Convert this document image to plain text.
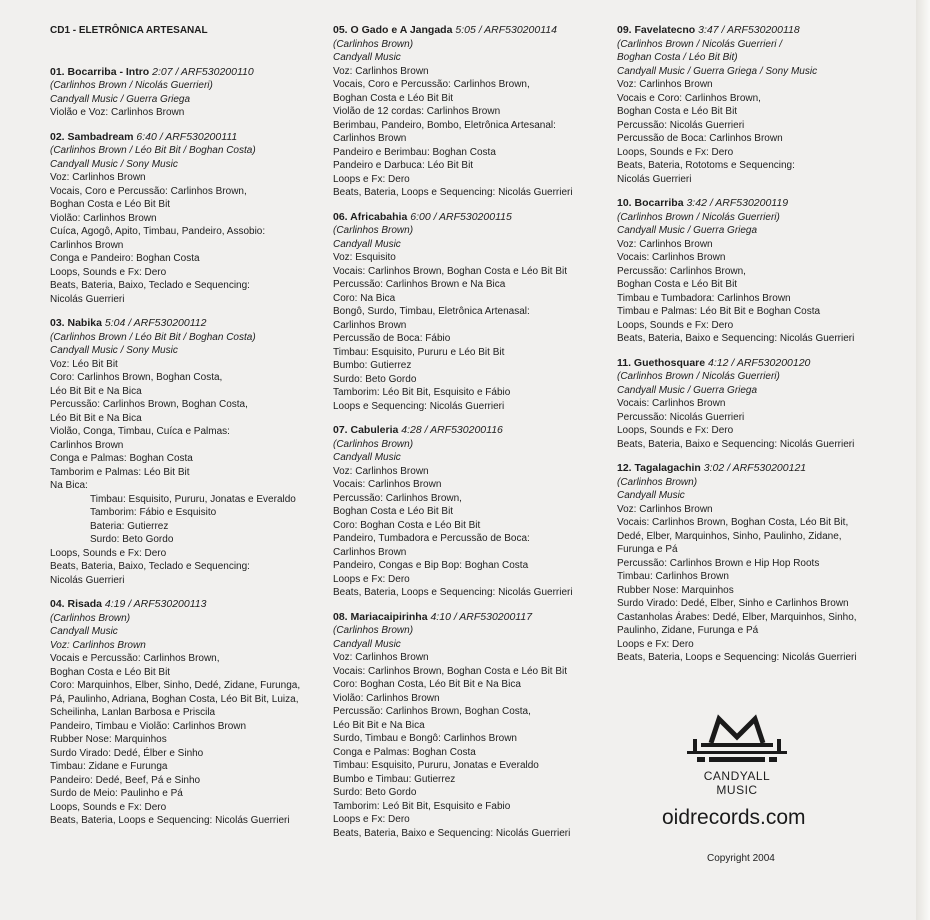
CD1 - ELETRÔNICA ARTESANAL
01. Bocarriba - Intro 2:07 / ARF530200110
(Carlinhos Brown / Nicolás Guerrieri)
Candyall Music / Guerra Griega
Violão e Voz: Carlinhos Brown
02. Sambadream 6:40 / ARF530200111
(Carlinhos Brown / Léo Bit Bit / Boghan Costa)
Candyall Music / Sony Music
Voz: Carlinhos Brown
Vocais, Coro e Percussão: Carlinhos Brown,
Boghan Costa e Léo Bit Bit
Violão: Carlinhos Brown
Cuíca, Agogô, Apito, Timbau, Pandeiro, Assobio:
Carlinhos Brown
Conga e Pandeiro: Boghan Costa
Loops, Sounds e Fx: Dero
Beats, Bateria, Baixo, Teclado e Sequencing:
Nicolás Guerrieri
03. Nabika 5:04 / ARF530200112
(Carlinhos Brown / Léo Bit Bit / Boghan Costa)
Candyall Music / Sony Music
Voz: Léo Bit Bit
Coro: Carlinhos Brown, Boghan Costa,
Léo Bit Bit e Na Bica
Percussão: Carlinhos Brown, Boghan Costa,
Léo Bit Bit e Na Bica
Violão, Conga, Timbau, Cuíca e Palmas:
Carlinhos Brown
Conga e Palmas: Boghan Costa
Tamborim e Palmas: Léo Bit Bit
Na Bica:
Timbau: Esquisito, Pururu, Jonatas e Everaldo
Tamborim: Fábio e Esquisito
Bateria: Gutierrez
Surdo: Beto Gordo
Loops, Sounds e Fx: Dero
Beats, Bateria, Baixo, Teclado e Sequencing:
Nicolás Guerrieri
04. Risada 4:19 / ARF530200113
(Carlinhos Brown)
Candyall Music
Voz: Carlinhos Brown
Vocais e Percussão: Carlinhos Brown,
Boghan Costa e Léo Bit Bit
Coro: Marquinhos, Elber, Sinho, Dedé, Zidane, Furunga,
Pá, Paulinho, Adriana, Boghan Costa, Léo Bit Bit, Luiza,
Scheilinha, Lanlan Barbosa e Priscila
Pandeiro, Timbau e Violão: Carlinhos Brown
Rubber Nose: Marquinhos
Surdo Virado: Dedé, Élber e Sinho
Timbau: Zidane e Furunga
Pandeiro: Dedé, Beef, Pá e Sinho
Surdo de Meio: Paulinho e Pá
Loops, Sounds e Fx: Dero
Beats, Bateria, Loops e Sequencing: Nicolás Guerrieri
05. O Gado e A Jangada 5:05 / ARF530200114
(Carlinhos Brown)
Candyall Music
Voz: Carlinhos Brown
Vocais, Coro e Percussão: Carlinhos Brown,
Boghan Costa e Léo Bit Bit
Violão de 12 cordas: Carlinhos Brown
Berimbau, Pandeiro, Bombo, Eletrônica Artesanal:
Carlinhos Brown
Pandeiro e Berimbau: Boghan Costa
Pandeiro e Darbuca: Léo Bit Bit
Loops e Fx: Dero
Beats, Bateria, Loops e Sequencing: Nicolás Guerrieri
06. Africabahia 6:00 / ARF530200115
(Carlinhos Brown)
Candyall Music
Voz: Esquisito
Vocais: Carlinhos Brown, Boghan Costa e Léo Bit Bit
Percussão: Carlinhos Brown e Na Bica
Coro: Na Bica
Bongô, Surdo, Timbau, Eletrônica Artenasal:
Carlinhos Brown
Percussão de Boca: Fábio
Timbau: Esquisito, Pururu e Léo Bit Bit
Bumbo: Gutierrez
Surdo: Beto Gordo
Tamborim: Léo Bit Bit, Esquisito e Fábio
Loops e Sequencing: Nicolás Guerrieri
07. Cabuleria 4:28 / ARF530200116
(Carlinhos Brown)
Candyall Music
Voz: Carlinhos Brown
Vocais: Carlinhos Brown
Percussão: Carlinhos Brown,
Boghan Costa e Léo Bit Bit
Coro: Boghan Costa e Léo Bit Bit
Pandeiro, Tumbadora e Percussão de Boca:
Carlinhos Brown
Pandeiro, Congas e Bip Bop: Boghan Costa
Loops e Fx: Dero
Beats, Bateria, Loops e Sequencing: Nicolás Guerrieri
08. Mariacaipirinha 4:10 / ARF530200117
(Carlinhos Brown)
Candyall Music
Voz: Carlinhos Brown
Vocais: Carlinhos Brown, Boghan Costa e Léo Bit Bit
Coro: Boghan Costa, Léo Bit Bit e Na Bica
Violão: Carlinhos Brown
Percussão: Carlinhos Brown, Boghan Costa,
Léo Bit Bit e Na Bica
Surdo, Timbau e Bongô: Carlinhos Brown
Conga e Palmas: Boghan Costa
Timbau: Esquisito, Pururu, Jonatas e Everaldo
Bumbo e Timbau: Gutierrez
Surdo: Beto Gordo
Tamborim: Leó Bit Bit, Esquisito e Fabio
Loops e Fx: Dero
Beats, Bateria, Baixo e Sequencing: Nicolás Guerrieri
09. Favelatecno 3:47 / ARF530200118
(Carlinhos Brown / Nicolás Guerrieri /
Boghan Costa / Léo Bit Bit)
Candyall Music / Guerra Griega / Sony Music
Voz: Carlinhos Brown
Vocais e Coro: Carlinhos Brown,
Boghan Costa e Léo Bit Bit
Percussão: Nicolás Guerrieri
Percussão de Boca: Carlinhos Brown
Loops, Sounds e Fx: Dero
Beats, Bateria, Rototoms e Sequencing:
Nicolás Guerrieri
10. Bocarriba 3:42 / ARF530200119
(Carlinhos Brown / Nicolás Guerrieri)
Candyall Music / Guerra Griega
Voz: Carlinhos Brown
Vocais: Carlinhos Brown
Percussão: Carlinhos Brown,
Boghan Costa e Léo Bit Bit
Timbau e Tumbadora: Carlinhos Brown
Timbau e Palmas: Léo Bit Bit e Boghan Costa
Loops, Sounds e Fx: Dero
Beats, Bateria, Baixo e Sequencing: Nicolás Guerrieri
11. Guethosquare 4:12 / ARF530200120
(Carlinhos Brown / Nicolás Guerrieri)
Candyall Music / Guerra Griega
Vocais: Carlinhos Brown
Percussão: Nicolás Guerrieri
Loops, Sounds e Fx: Dero
Beats, Bateria, Baixo e Sequencing: Nicolás Guerrieri
12. Tagalagachin 3:02 / ARF530200121
(Carlinhos Brown)
Candyall Music
Voz: Carlinhos Brown
Vocais: Carlinhos Brown, Boghan Costa, Léo Bit Bit,
Dedé, Elber, Marquinhos, Sinho, Paulinho, Zidane,
Furunga e Pá
Percussão: Carlinhos Brown e Hip Hop Roots
Timbau: Carlinhos Brown
Rubber Nose: Marquinhos
Surdo Virado: Dedé, Elber, Sinho e Carlinhos Brown
Castanholas Árabes: Dedé, Elber, Marquinhos, Sinho,
Paulinho, Zidane, Furunga e Pá
Loops e Fx: Dero
Beats, Bateria, Loops e Sequencing: Nicolás Guerrieri
CANDYALL MUSIC
oidrecords.com
Copyright 2004
